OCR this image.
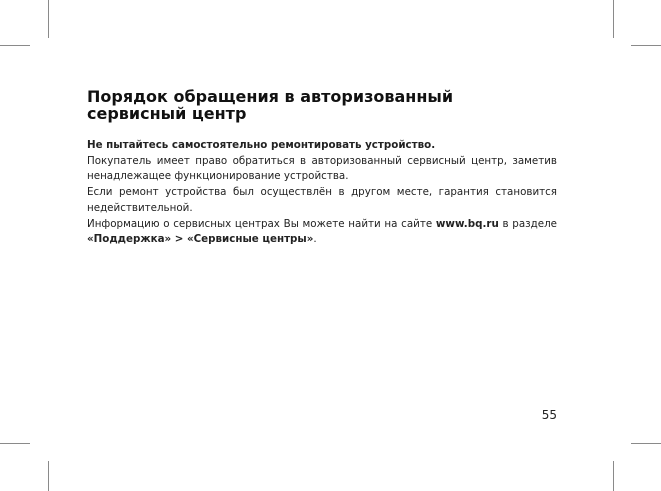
Порядок обращения в авторизованный
сервисный центр

Не пытайтесь самостоятельно ремонтировать устройство.

Покупатель имеет право обратиться в авторизованный сервисный центр, заметив ненадлежащее функционирование устройства.

Если ремонт устройства был осуществлён в другом месте, гарантия становится недействительной.

Информацию о сервисных центрах Вы можете найти на сайте www.bq.ru в разделе «Поддержка» > «Сервисные центры».

55
